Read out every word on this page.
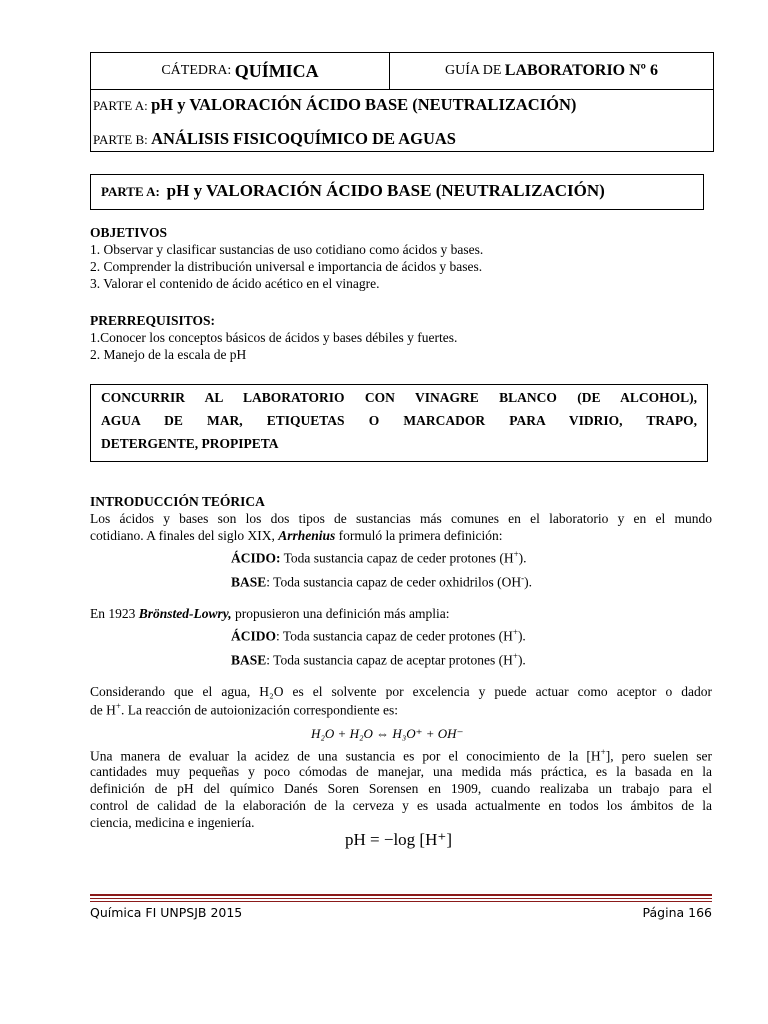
CÁTEDRA:
QUÍMICA	GUÍA DE
LABORATORIO Nº 6
PARTE A: pH y VALORACIÓN ÁCIDO BASE (NEUTRALIZACIÓN)
PARTE B: ANÁLISIS FISICOQUÍMICO DE AGUAS
PARTE A: pH y VALORACIÓN ÁCIDO BASE (NEUTRALIZACIÓN)
OBJETIVOS
1. Observar y clasificar sustancias de uso cotidiano como ácidos y bases.
2. Comprender la distribución universal e importancia de ácidos y bases.
3. Valorar el contenido de ácido acético en el vinagre.
PRERREQUISITOS:
1.Conocer los conceptos básicos de ácidos y bases débiles y fuertes.
2. Manejo de la escala de pH
CONCURRIR AL LABORATORIO CON VINAGRE BLANCO (DE ALCOHOL),
AGUA DE MAR, ETIQUETAS O MARCADOR PARA VIDRIO, TRAPO,
DETERGENTE, PROPIPETA
INTRODUCCIÓN TEÓRICA
Los ácidos y bases son los dos tipos de sustancias más comunes en el laboratorio y en el mundo
cotidiano. A finales del siglo XIX, Arrhenius formuló la primera definición:
ÁCIDO: Toda sustancia capaz de ceder protones (H+).
BASE: Toda sustancia capaz de ceder oxhidrilos (OH-).
En 1923 Brönsted-Lowry, propusieron una definición más amplia:
ÁCIDO: Toda sustancia capaz de ceder protones (H+).
BASE: Toda sustancia capaz de aceptar protones (H+).
Considerando que el agua, H₂O es el solvente por excelencia y puede actuar como aceptor o dador
de H+. La reacción de autoionización correspondiente es:
H₂O + H₂O ⇔ H₃O⁺ + OH⁻
Una manera de evaluar la acidez de una sustancia es por el conocimiento de la [H+], pero suelen ser
cantidades muy pequeñas y poco cómodas de manejar, una medida más práctica, es la basada en la
definición de pH del químico Danés Soren Sorensen en 1909, cuando realizaba un trabajo para el
control de calidad de la elaboración de la cerveza y es usada actualmente en todos los ámbitos de la
ciencia, medicina e ingeniería.
pH = −log [H⁺]
Química FI UNPSJB 2015	Página 166
